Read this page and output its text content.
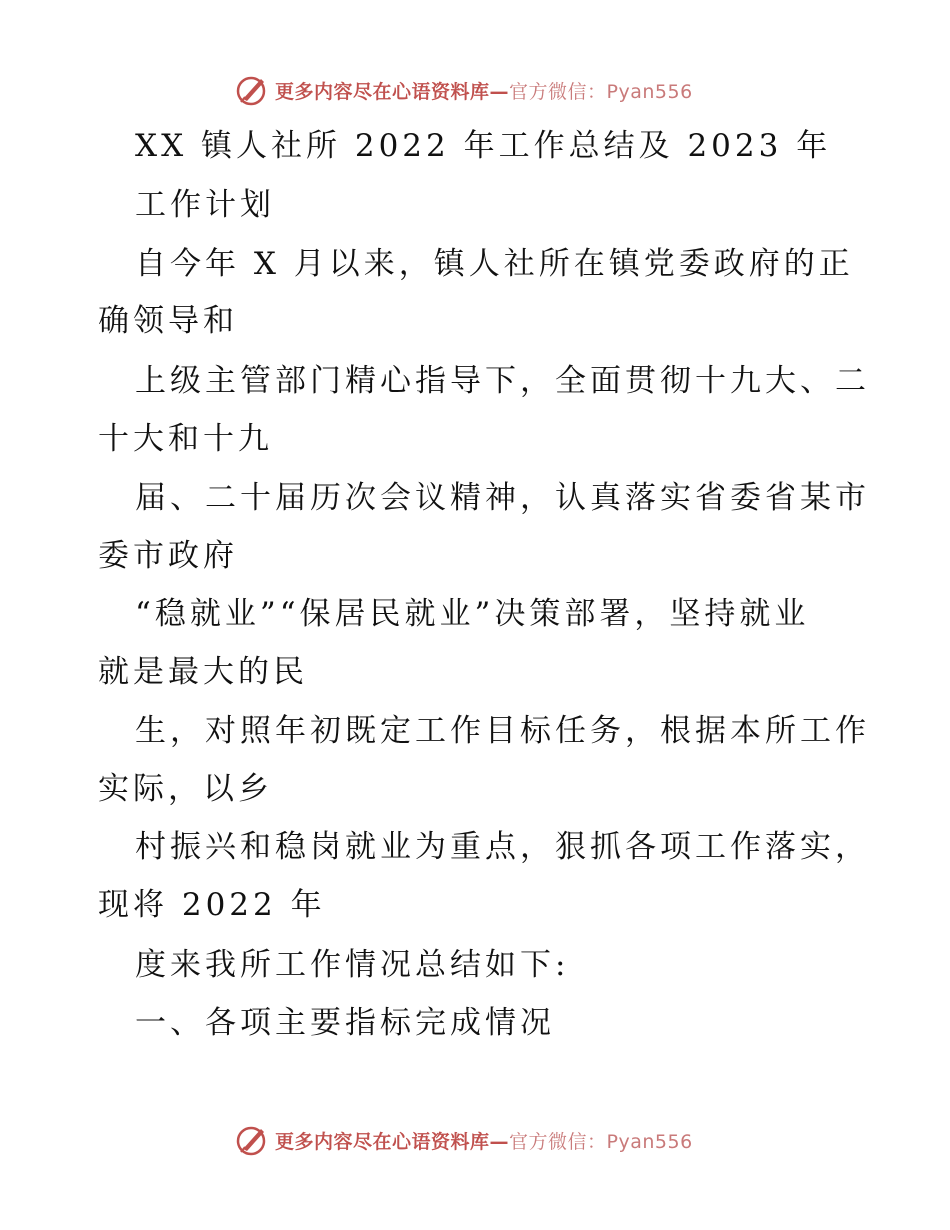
更多内容尽在心语资料库—官方微信：Pyan556
XX 镇人社所 2022 年工作总结及 2023 年
工作计划
自今年 X 月以来，镇人社所在镇党委政府的正
确领导和
上级主管部门精心指导下，全面贯彻十九大、二
十大和十九
届、二十届历次会议精神，认真落实省委省某市
委市政府
“稳就业”“保居民就业”决策部署，坚持就业
就是最大的民
生，对照年初既定工作目标任务，根据本所工作
实际，以乡
村振兴和稳岗就业为重点，狠抓各项工作落实，
现将 2022 年
度来我所工作情况总结如下:
一、各项主要指标完成情况
更多内容尽在心语资料库—官方微信：Pyan556
